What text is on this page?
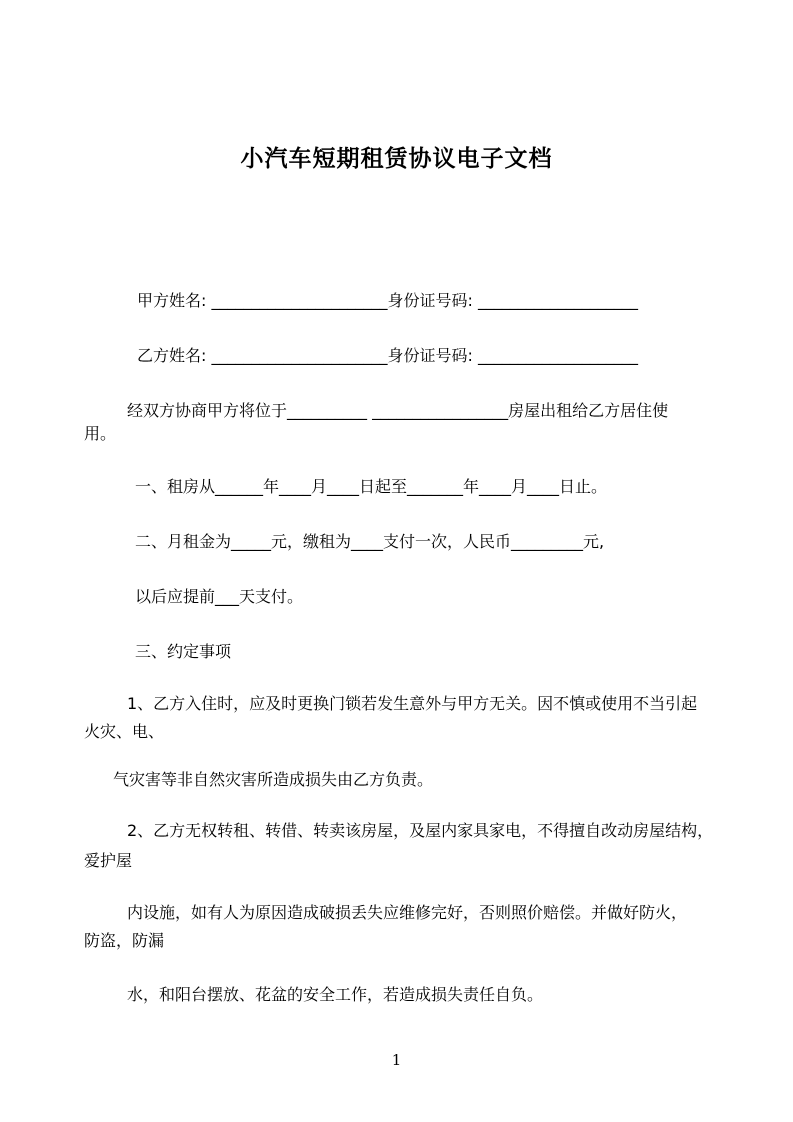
小汽车短期租赁协议电子文档
甲方姓名: ______________________身份证号码: ____________________
乙方姓名: ______________________身份证号码: ____________________
经双方协商甲方将位于__________ _________________房屋出租给乙方居住使
用。
一、租房从______年____月____日起至_______年____月____日止。
二、月租金为_____元，缴租为____支付一次，人民币_________元,
以后应提前___天支付。
三、约定事项
1、乙方入住时，应及时更换门锁若发生意外与甲方无关。因不慎或使用不当引起
火灾、电、
气灾害等非自然灾害所造成损失由乙方负责。
2、乙方无权转租、转借、转卖该房屋，及屋内家具家电，不得擅自改动房屋结构，
爱护屋
内设施，如有人为原因造成破损丢失应维修完好，否则照价赔偿。并做好防火，
防盗，防漏
水，和阳台摆放、花盆的安全工作，若造成损失责任自负。
1
